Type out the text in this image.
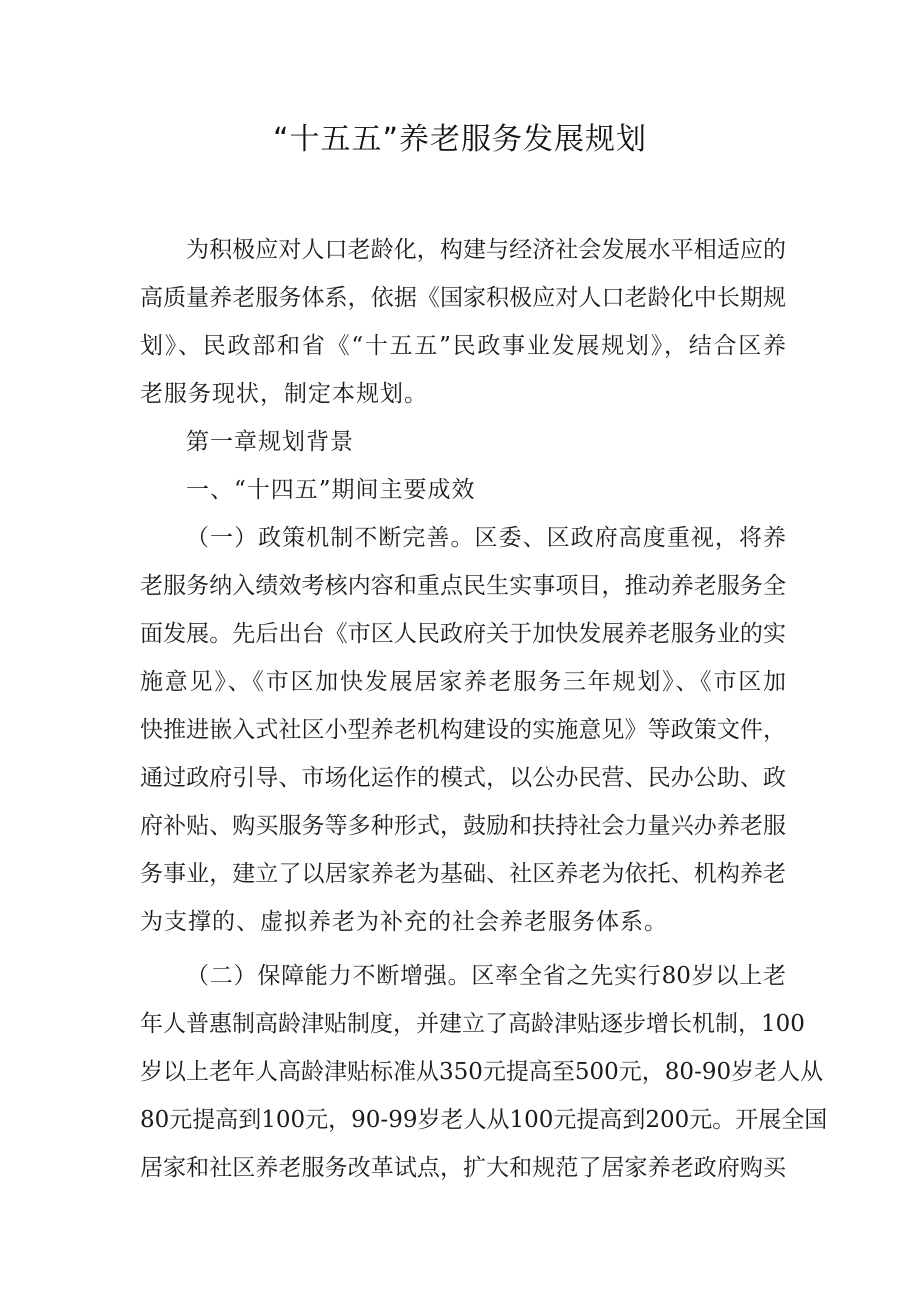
“十五五”养老服务发展规划
为积极应对人口老龄化，构建与经济社会发展水平相适应的
高质量养老服务体系，依据《国家积极应对人口老龄化中长期规
划》、民政部和省《“十五五”民政事业发展规划》，结合区养
老服务现状，制定本规划。
第一章规划背景
一、“十四五”期间主要成效
（一）政策机制不断完善。区委、区政府高度重视，将养
老服务纳入绩效考核内容和重点民生实事项目，推动养老服务全
面发展。先后出台《市区人民政府关于加快发展养老服务业的实
施意见》、《市区加快发展居家养老服务三年规划》、《市区加
快推进嵌入式社区小型养老机构建设的实施意见》等政策文件，
通过政府引导、市场化运作的模式，以公办民营、民办公助、政
府补贴、购买服务等多种形式，鼓励和扶持社会力量兴办养老服
务事业，建立了以居家养老为基础、社区养老为依托、机构养老
为支撑的、虚拟养老为补充的社会养老服务体系。
（二）保障能力不断增强。区率全省之先实行80岁以上老
年人普惠制高龄津贴制度，并建立了高龄津贴逐步增长机制，100
岁以上老年人高龄津贴标准从350元提高至500元，80-90岁老人从
80元提高到100元，90-99岁老人从100元提高到200元。开展全国
居家和社区养老服务改革试点，扩大和规范了居家养老政府购买
